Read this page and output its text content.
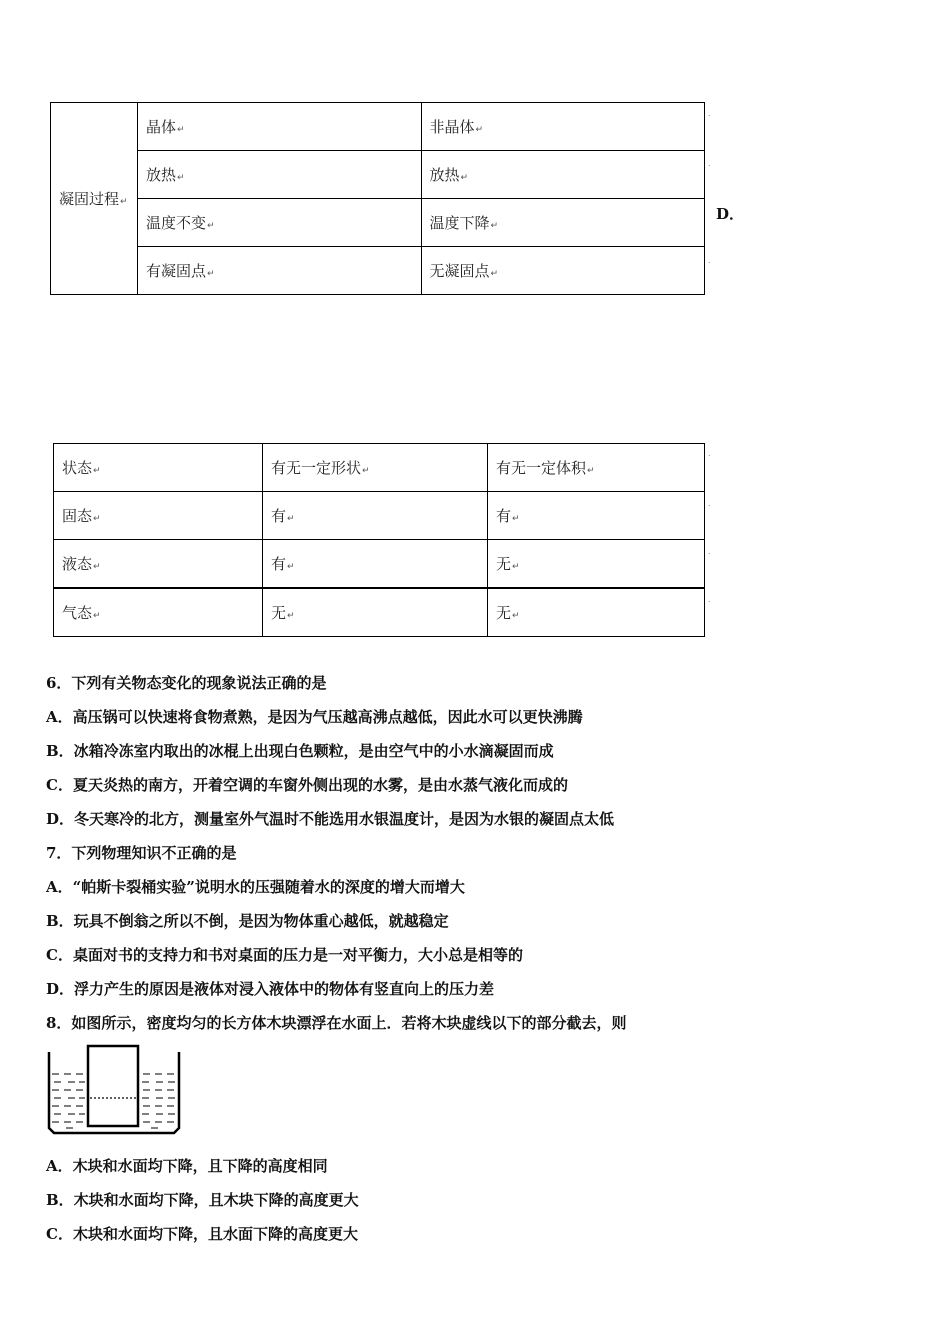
凝固过程↵	晶体↵	非晶体↵
	放热↵	放热↵
	温度不变↵	温度下降↵
	有凝固点↵	无凝固点↵
˙
˙
˙
D．
状态↵	有无一定形状↵	有无一定体积↵
固态↵	有↵	有↵
液态↵	有↵	无↵
气态↵	无↵	无↵
˙
˙
˙
˙
6．下列有关物态变化的现象说法正确的是
A．高压锅可以快速将食物煮熟，是因为气压越高沸点越低，因此水可以更快沸腾
B．冰箱冷冻室内取出的冰棍上出现白色颗粒，是由空气中的小水滴凝固而成
C．夏天炎热的南方，开着空调的车窗外侧出现的水雾，是由水蒸气液化而成的
D．冬天寒冷的北方，测量室外气温时不能选用水银温度计，是因为水银的凝固点太低
7．下列物理知识不正确的是
A．“帕斯卡裂桶实验”说明水的压强随着水的深度的增大而增大
B．玩具不倒翁之所以不倒，是因为物体重心越低，就越稳定
C．桌面对书的支持力和书对桌面的压力是一对平衡力，大小总是相等的
D．浮力产生的原因是液体对浸入液体中的物体有竖直向上的压力差
8．如图所示，密度均匀的长方体木块漂浮在水面上．若将木块虚线以下的部分截去，则
A．木块和水面均下降，且下降的高度相同
B．木块和水面均下降，且木块下降的高度更大
C．木块和水面均下降，且水面下降的高度更大
